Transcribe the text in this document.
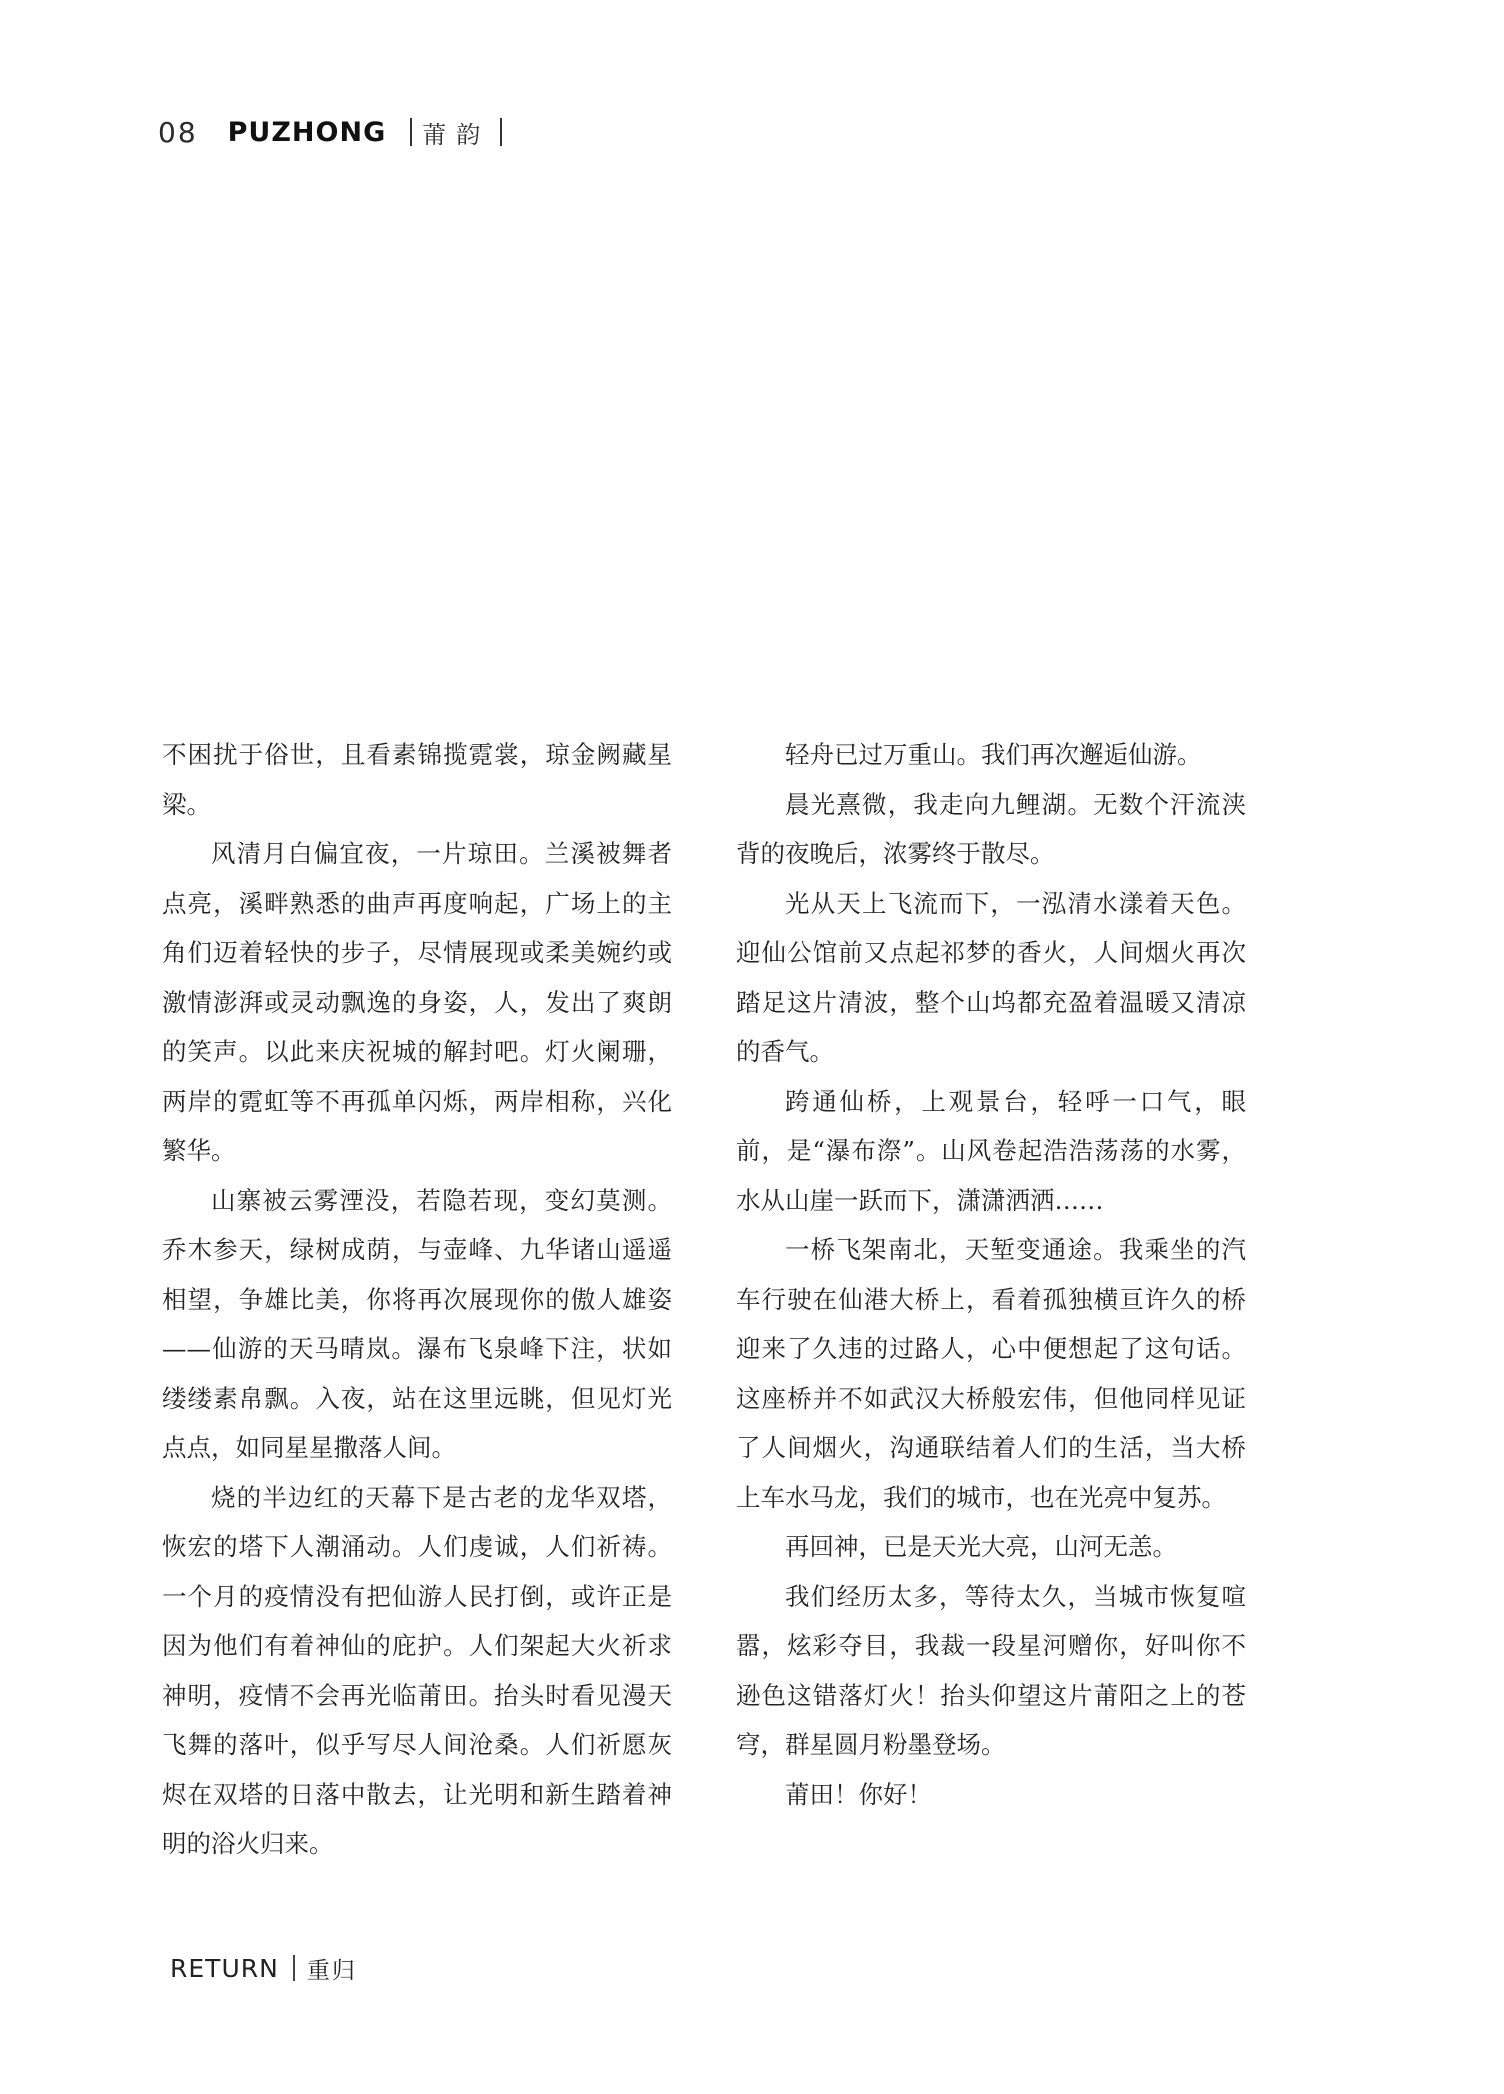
08 PUZHONG 莆韵

不困扰于俗世，且看素锦揽霓裳，琼金阙藏星梁。

风清月白偏宜夜，一片琼田。兰溪被舞者点亮，溪畔熟悉的曲声再度响起，广场上的主角们迈着轻快的步子，尽情展现或柔美婉约或激情澎湃或灵动飘逸的身姿，人，发出了爽朗的笑声。以此来庆祝城的解封吧。灯火阑珊，两岸的霓虹等不再孤单闪烁，两岸相称，兴化繁华。

山寨被云雾湮没，若隐若现，变幻莫测。乔木参天，绿树成荫，与壶峰、九华诸山遥遥相望，争雄比美，你将再次展现你的傲人雄姿——仙游的天马晴岚。瀑布飞泉峰下注，状如缕缕素帛飘。入夜，站在这里远眺，但见灯光点点，如同星星撒落人间。

烧的半边红的天幕下是古老的龙华双塔，恢宏的塔下人潮涌动。人们虔诚，人们祈祷。一个月的疫情没有把仙游人民打倒，或许正是因为他们有着神仙的庇护。人们架起大火祈求神明，疫情不会再光临莆田。抬头时看见漫天飞舞的落叶，似乎写尽人间沧桑。人们祈愿灰烬在双塔的日落中散去，让光明和新生踏着神明的浴火归来。

轻舟已过万重山。我们再次邂逅仙游。

晨光熹微，我走向九鲤湖。无数个汗流浃背的夜晚后，浓雾终于散尽。

光从天上飞流而下，一泓清水漾着天色。迎仙公馆前又点起祁梦的香火，人间烟火再次踏足这片清波，整个山坞都充盈着温暖又清凉的香气。

跨通仙桥，上观景台，轻呼一口气，眼前，是“瀑布漈”。山风卷起浩浩荡荡的水雾，水从山崖一跃而下，潇潇洒洒……

一桥飞架南北，天堑变通途。我乘坐的汽车行驶在仙港大桥上，看着孤独横亘许久的桥迎来了久违的过路人，心中便想起了这句话。这座桥并不如武汉大桥般宏伟，但他同样见证了人间烟火，沟通联结着人们的生活，当大桥上车水马龙，我们的城市，也在光亮中复苏。

再回神，已是天光大亮，山河无恙。

我们经历太多，等待太久，当城市恢复喧嚣，炫彩夺目，我裁一段星河赠你，好叫你不逊色这错落灯火！抬头仰望这片莆阳之上的苍穹，群星圆月粉墨登场。

莆田！你好！

RETURN 重归
